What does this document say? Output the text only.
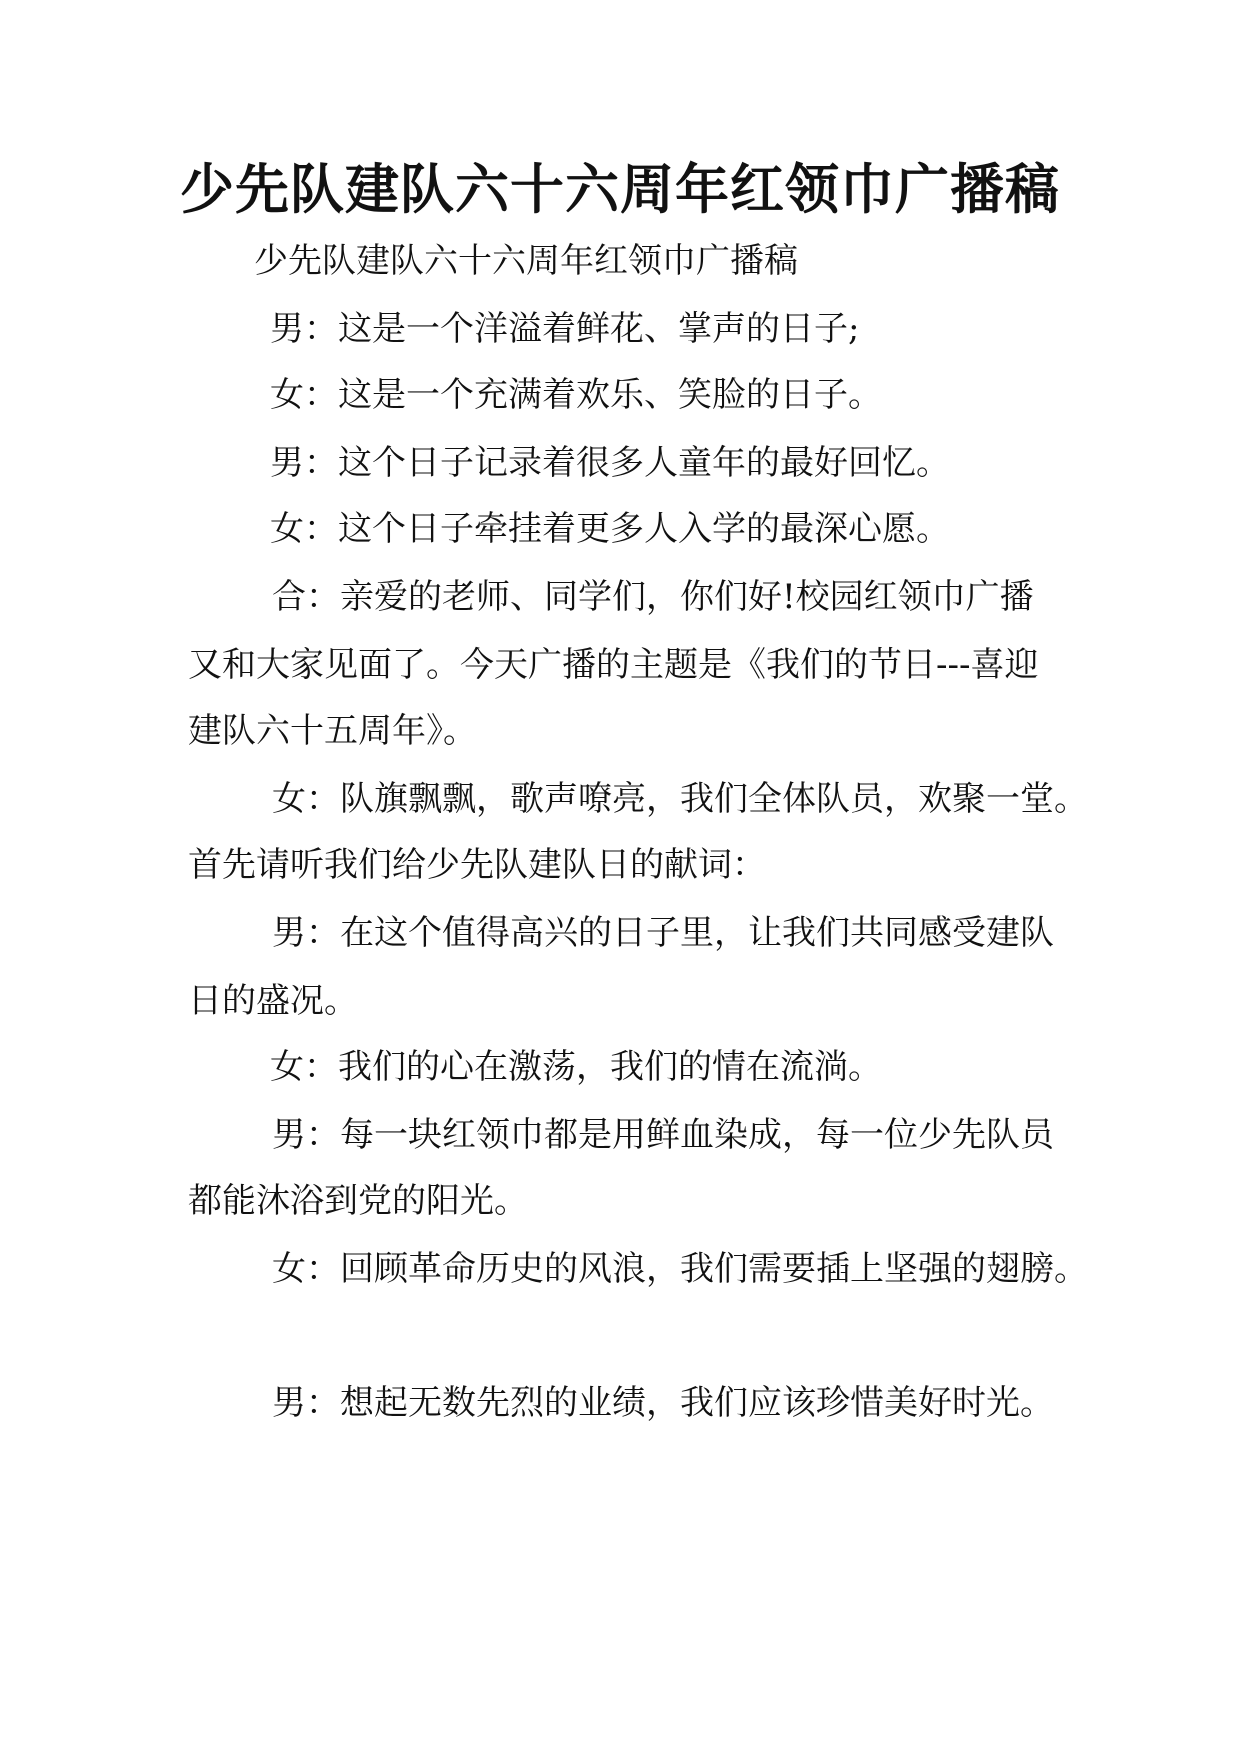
少先队建队六十六周年红领巾广播稿

少先队建队六十六周年红领巾广播稿

男：这是一个洋溢着鲜花、掌声的日子;

女：这是一个充满着欢乐、笑脸的日子。

男：这个日子记录着很多人童年的最好回忆。

女：这个日子牵挂着更多人入学的最深心愿。

合：亲爱的老师、同学们，你们好!校园红领巾广播

又和大家见面了。今天广播的主题是《我们的节日---喜迎

建队六十五周年》。

女：队旗飘飘，歌声嘹亮，我们全体队员，欢聚一堂。

首先请听我们给少先队建队日的献词：

男：在这个值得高兴的日子里，让我们共同感受建队

日的盛况。

女：我们的心在激荡，我们的情在流淌。

男：每一块红领巾都是用鲜血染成，每一位少先队员

都能沐浴到党的阳光。

女：回顾革命历史的风浪，我们需要插上坚强的翅膀。

男：想起无数先烈的业绩，我们应该珍惜美好时光。
